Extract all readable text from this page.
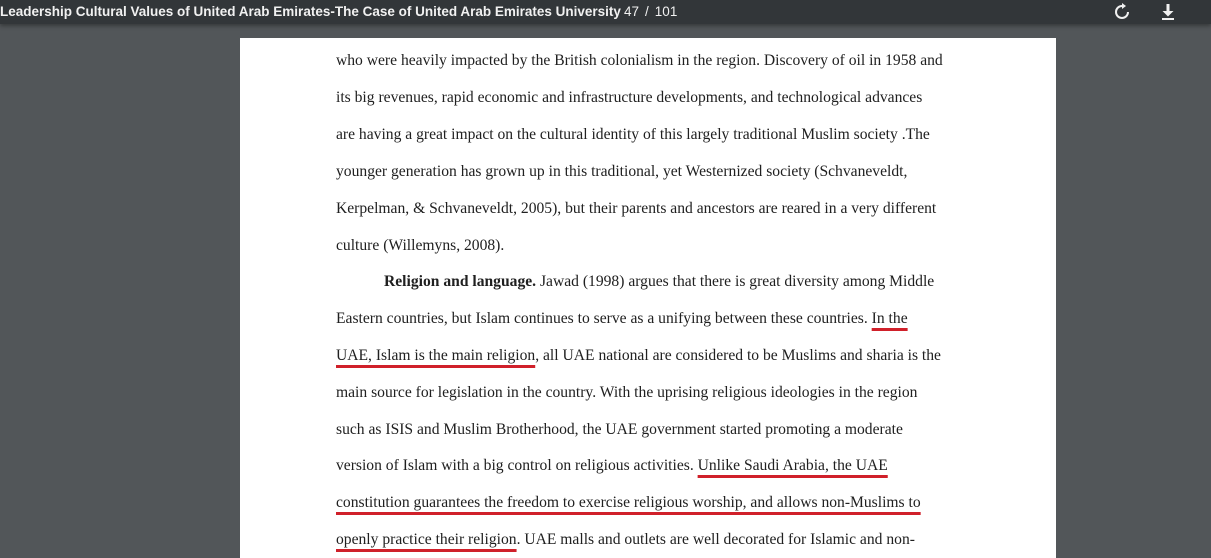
Leadership Cultural Values of United Arab Emirates-The Case of United Arab Emirates University 47 / 101
who were heavily impacted by the British colonialism in the region. Discovery of oil in 1958 and
its big revenues, rapid economic and infrastructure developments, and technological advances
are having a great impact on the cultural identity of this largely traditional Muslim society .The
younger generation has grown up in this traditional, yet Westernized society (Schvaneveldt,
Kerpelman, & Schvaneveldt, 2005), but their parents and ancestors are reared in a very different
culture (Willemyns, 2008).
Religion and language. Jawad (1998) argues that there is great diversity among Middle
Eastern countries, but Islam continues to serve as a unifying between these countries. In the
UAE, Islam is the main religion, all UAE national are considered to be Muslims and sharia is the
main source for legislation in the country. With the uprising religious ideologies in the region
such as ISIS and Muslim Brotherhood, the UAE government started promoting a moderate
version of Islam with a big control on religious activities. Unlike Saudi Arabia, the UAE
constitution guarantees the freedom to exercise religious worship, and allows non-Muslims to
openly practice their religion. UAE malls and outlets are well decorated for Islamic and non-
